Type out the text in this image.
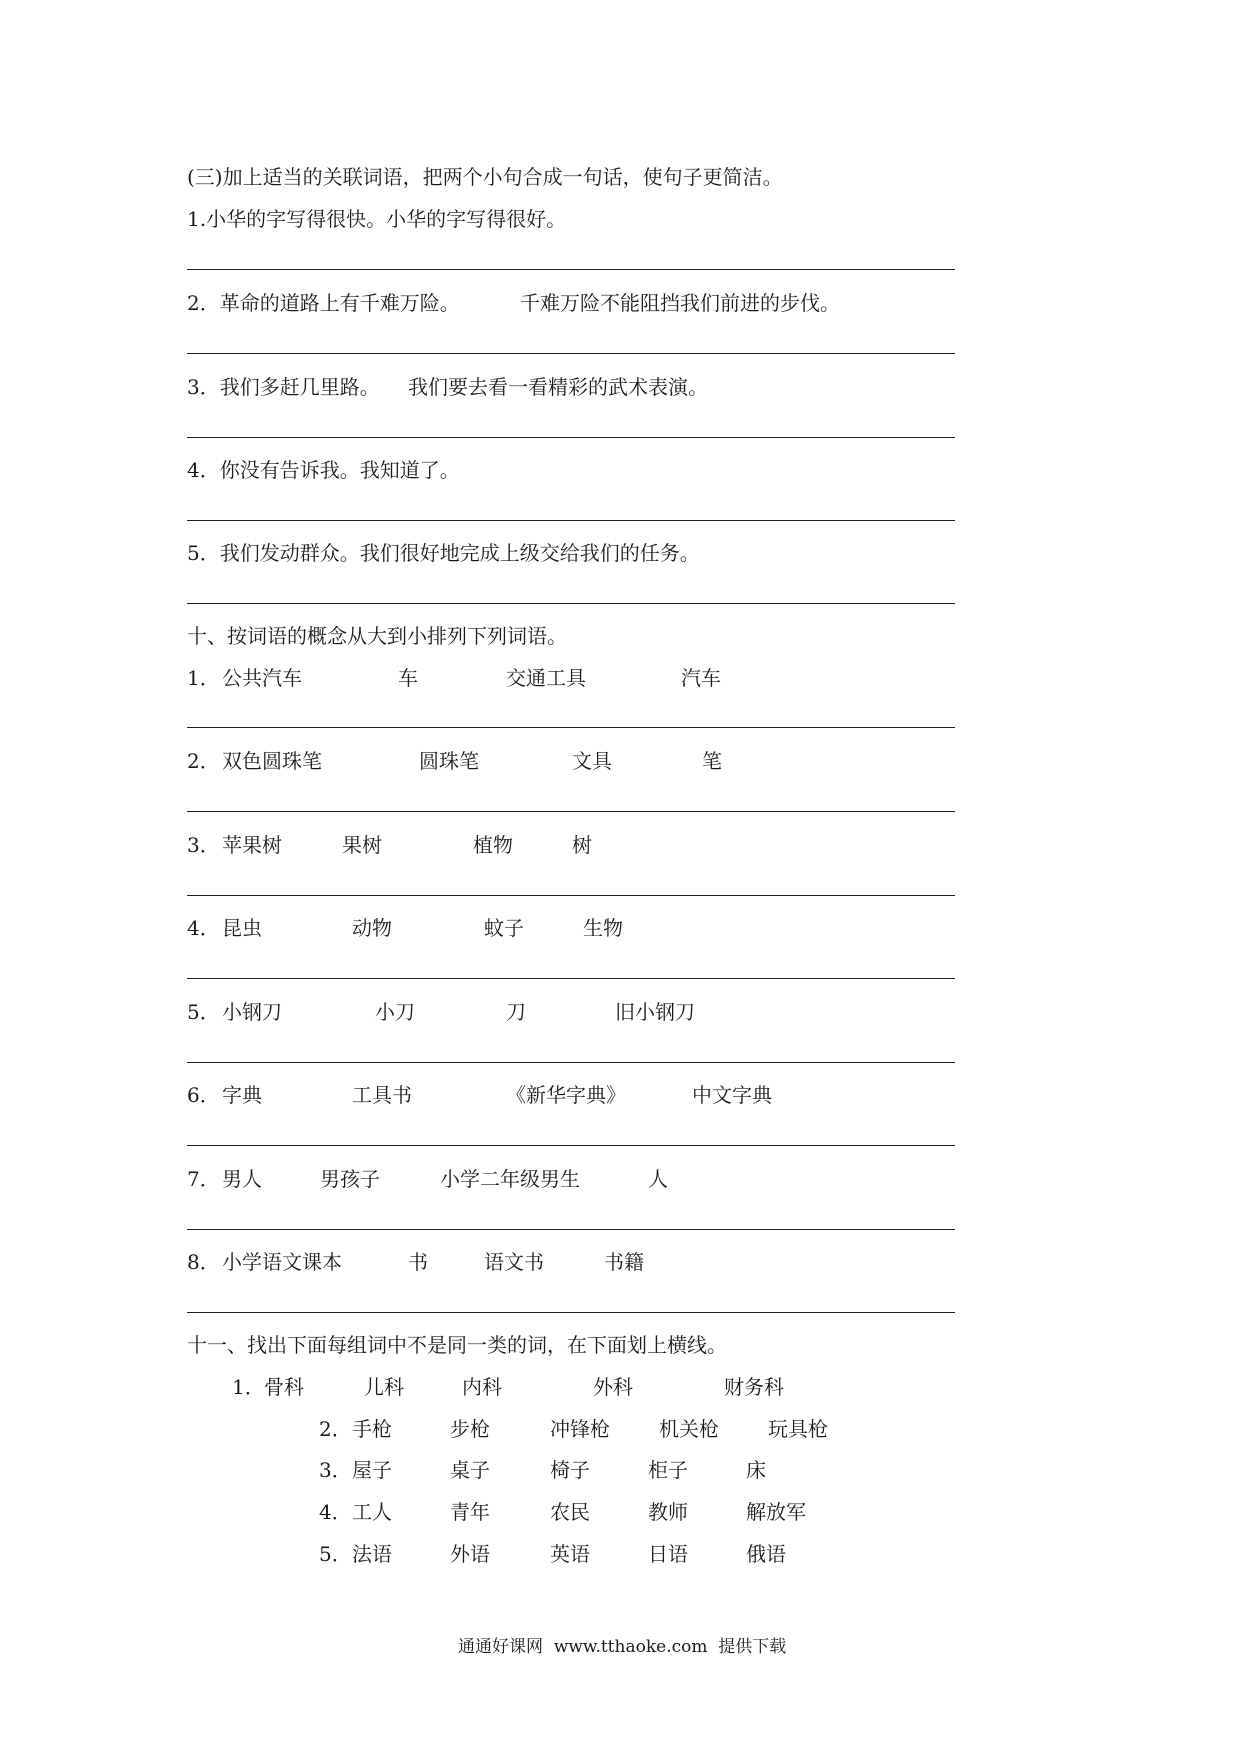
(三)加上适当的关联词语，把两个小句合成一句话，使句子更简洁。
1.小华的字写得很快。小华的字写得很好。
2．革命的道路上有千难万险。	千难万险不能阻挡我们前进的步伐。
3．我们多赶几里路。 我们要去看一看精彩的武术表演。
4．你没有告诉我。我知道了。
5．我们发动群众。我们很好地完成上级交给我们的任务。
十、按词语的概念从大到小排列下列词语。
1． 公共汽车	车	交通工具	汽车
2． 双色圆珠笔	圆珠笔	文具	笔
3． 苹果树	果树	植物	树
4． 昆虫	动物	蚊子	生物
5． 小钢刀	小刀	刀	旧小钢刀
6． 字典	工具书	《新华字典》	中文字典
7． 男人	男孩子	小学二年级男生	人
8． 小学语文课本	书	语文书	书籍
十一、找出下面每组词中不是同一类的词，在下面划上横线。
1． 骨科	儿科	内科	外科	财务科
2． 手枪	步枪	冲锋枪 机关枪 玩具枪
3． 屋子	桌子	椅子	柜子	床
4． 工人	青年	农民	教师	解放军
5． 法语	外语	英语	日语	俄语
通通好课网 www.tthaoke.com 提供下载
